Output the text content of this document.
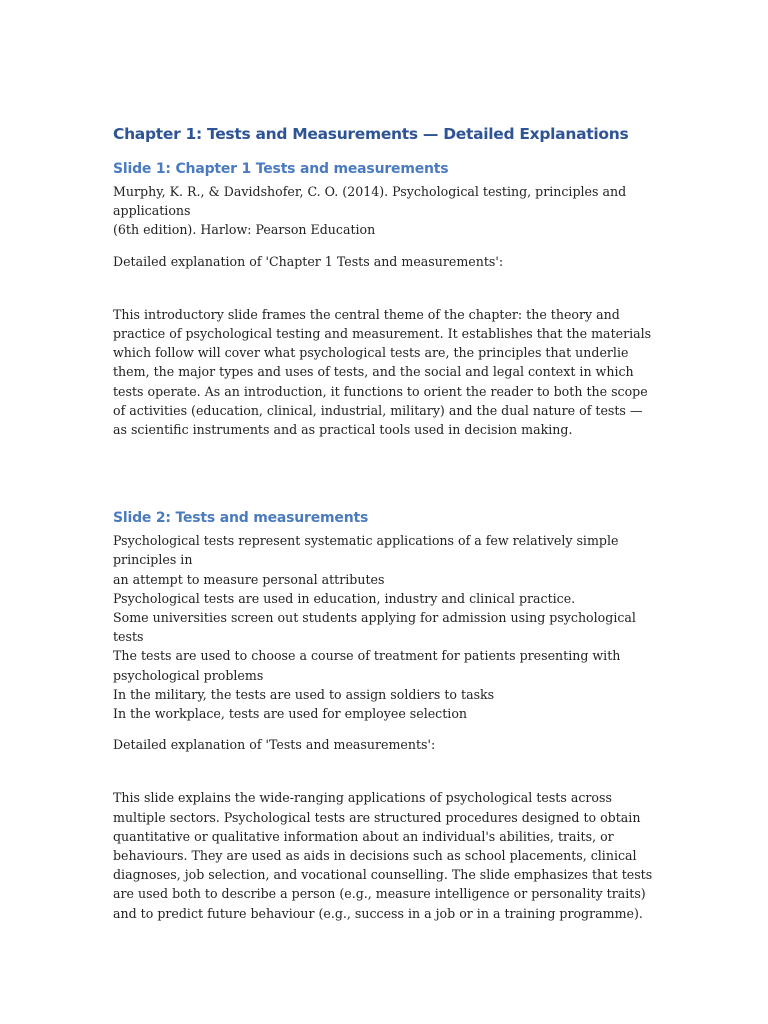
Chapter 1: Tests and Measurements — Detailed Explanations
Slide 1: Chapter 1 Tests and measurements

Murphy, K. R., & Davidshofer, C. O. (2014). Psychological testing, principles and applications
(6th edition). Harlow: Pearson Education

Detailed explanation of 'Chapter 1 Tests and measurements':

This introductory slide frames the central theme of the chapter: the theory and practice of psychological testing and measurement. It establishes that the materials which follow will cover what psychological tests are, the principles that underlie them, the major types and uses of tests, and the social and legal context in which tests operate. As an introduction, it functions to orient the reader to both the scope of activities (education, clinical, industrial, military) and the dual nature of tests — as scientific instruments and as practical tools used in decision making.

Slide 2: Tests and measurements

Psychological tests represent systematic applications of a few relatively simple principles in
an attempt to measure personal attributes
Psychological tests are used in education, industry and clinical practice.
Some universities screen out students applying for admission using psychological tests
The tests are used to choose a course of treatment for patients presenting with
psychological problems
In the military, the tests are used to assign soldiers to tasks
In the workplace, tests are used for employee selection

Detailed explanation of 'Tests and measurements':

This slide explains the wide-ranging applications of psychological tests across multiple sectors. Psychological tests are structured procedures designed to obtain quantitative or qualitative information about an individual's abilities, traits, or behaviours. They are used as aids in decisions such as school placements, clinical diagnoses, job selection, and vocational counselling. The slide emphasizes that tests are used both to describe a person (e.g., measure intelligence or personality traits) and to predict future behaviour (e.g., success in a job or in a training programme).
